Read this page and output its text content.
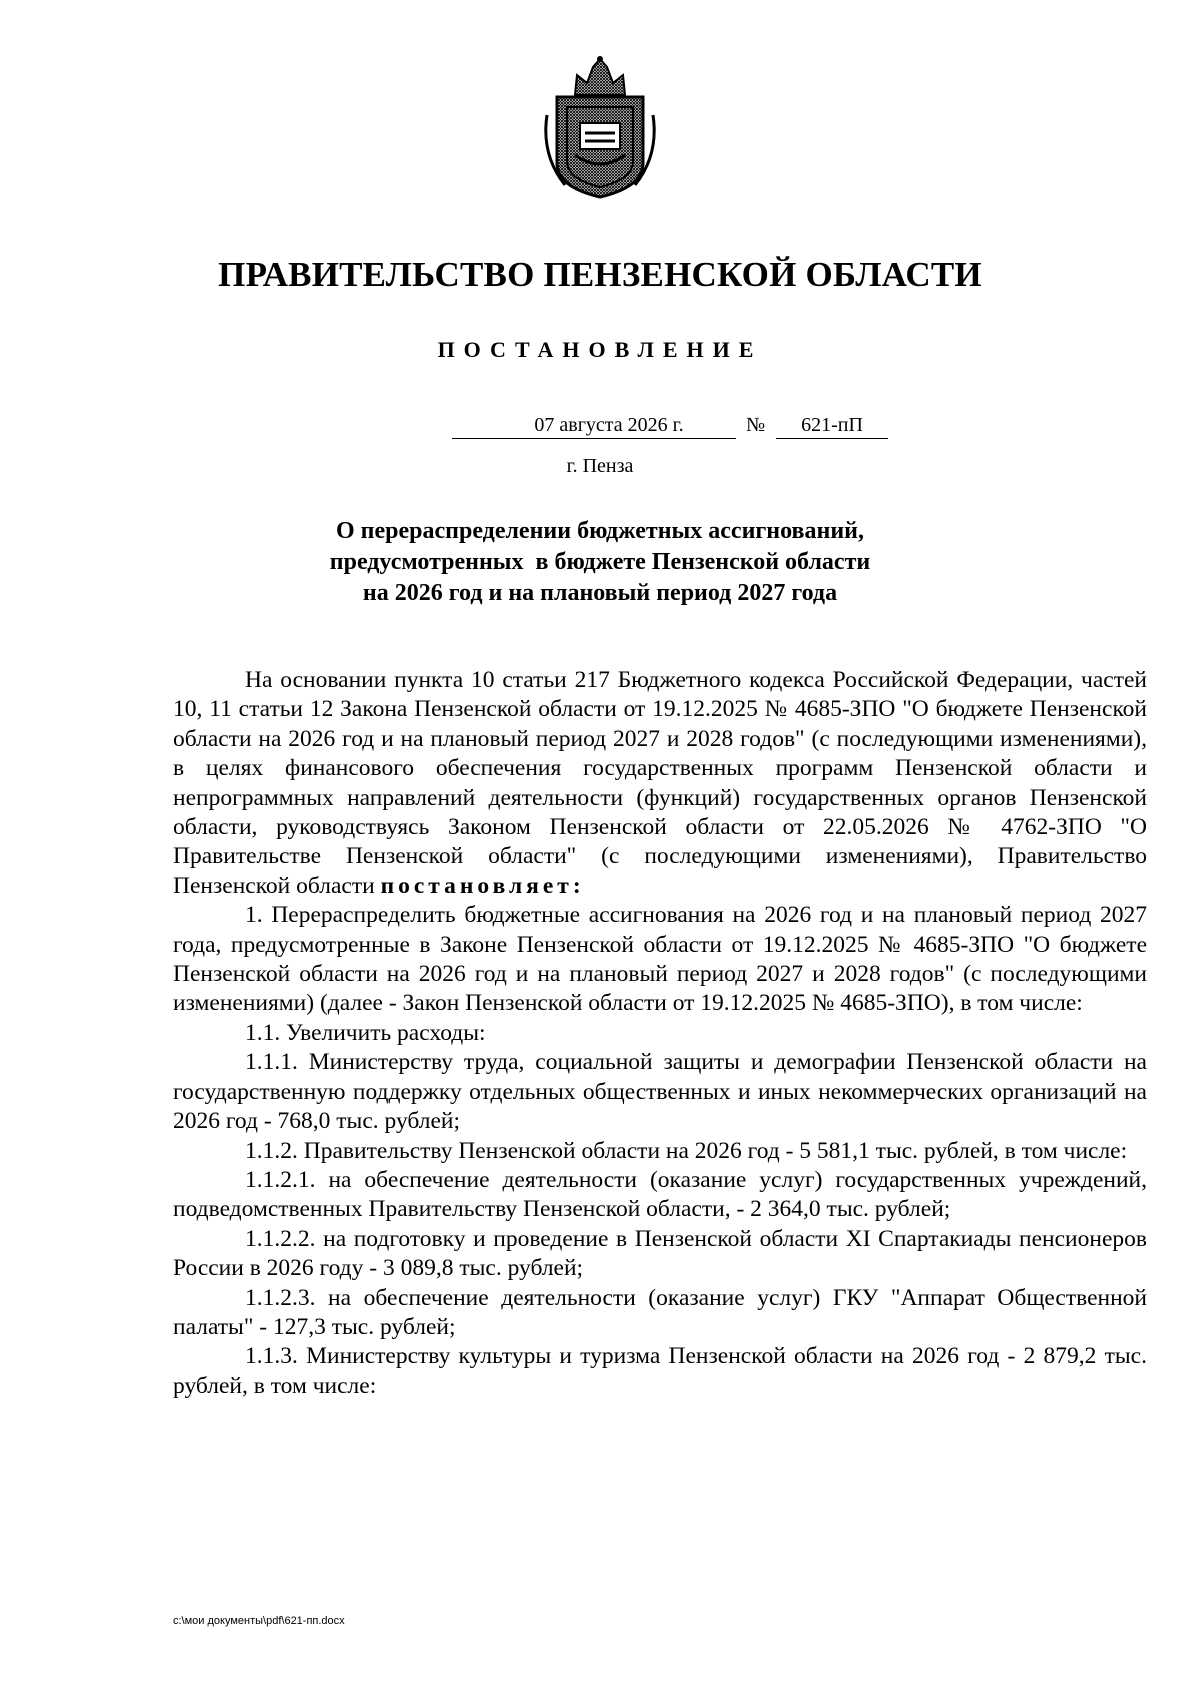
ПРАВИТЕЛЬСТВО ПЕНЗЕНСКОЙ ОБЛАСТИ
ПОСТАНОВЛЕНИЕ
07 августа 2026 г.	№	621-пП
г. Пенза
О перераспределении бюджетных ассигнований,
предусмотренных  в бюджете Пензенской области
на 2026 год и на плановый период 2027 года

На основании пункта 10 статьи 217 Бюджетного кодекса Российской Федерации, частей 10, 11 статьи 12 Закона Пензенской области от 19.12.2025 № 4685-ЗПО "О бюджете Пензенской области на 2026 год и на плановый период 2027 и 2028 годов" (с последующими изменениями), в целях финансового обеспечения государственных программ Пензенской области и непрограммных направлений деятельности (функций) государственных органов Пензенской области, руководствуясь Законом Пензенской области от 22.05.2026 № 4762-ЗПО "О Правительстве Пензенской области" (с последующими изменениями), Правительство Пензенской области постановляет:

1. Перераспределить бюджетные ассигнования на 2026 год и на плановый период 2027 года, предусмотренные в Законе Пензенской области от 19.12.2025 № 4685-ЗПО "О бюджете Пензенской области на 2026 год и на плановый период 2027 и 2028 годов" (с последующими изменениями) (далее - Закон Пензенской области от 19.12.2025 № 4685-ЗПО), в том числе:

1.1. Увеличить расходы:

1.1.1. Министерству труда, социальной защиты и демографии Пензенской области на государственную поддержку отдельных общественных и иных некоммерческих организаций на 2026 год - 768,0 тыс. рублей;

1.1.2. Правительству Пензенской области на 2026 год - 5 581,1 тыс. рублей, в том числе:

1.1.2.1. на обеспечение деятельности (оказание услуг) государственных учреждений, подведомственных Правительству Пензенской области, - 2 364,0 тыс. рублей;

1.1.2.2. на подготовку и проведение в Пензенской области XI Спартакиады пенсионеров России в 2026 году - 3 089,8 тыс. рублей;

1.1.2.3. на обеспечение деятельности (оказание услуг) ГКУ "Аппарат Общественной палаты" - 127,3 тыс. рублей;

1.1.3. Министерству культуры и туризма Пензенской области на 2026 год - 2 879,2 тыс. рублей, в том числе:

c:\мои документы\pdf\621-пп.docx
